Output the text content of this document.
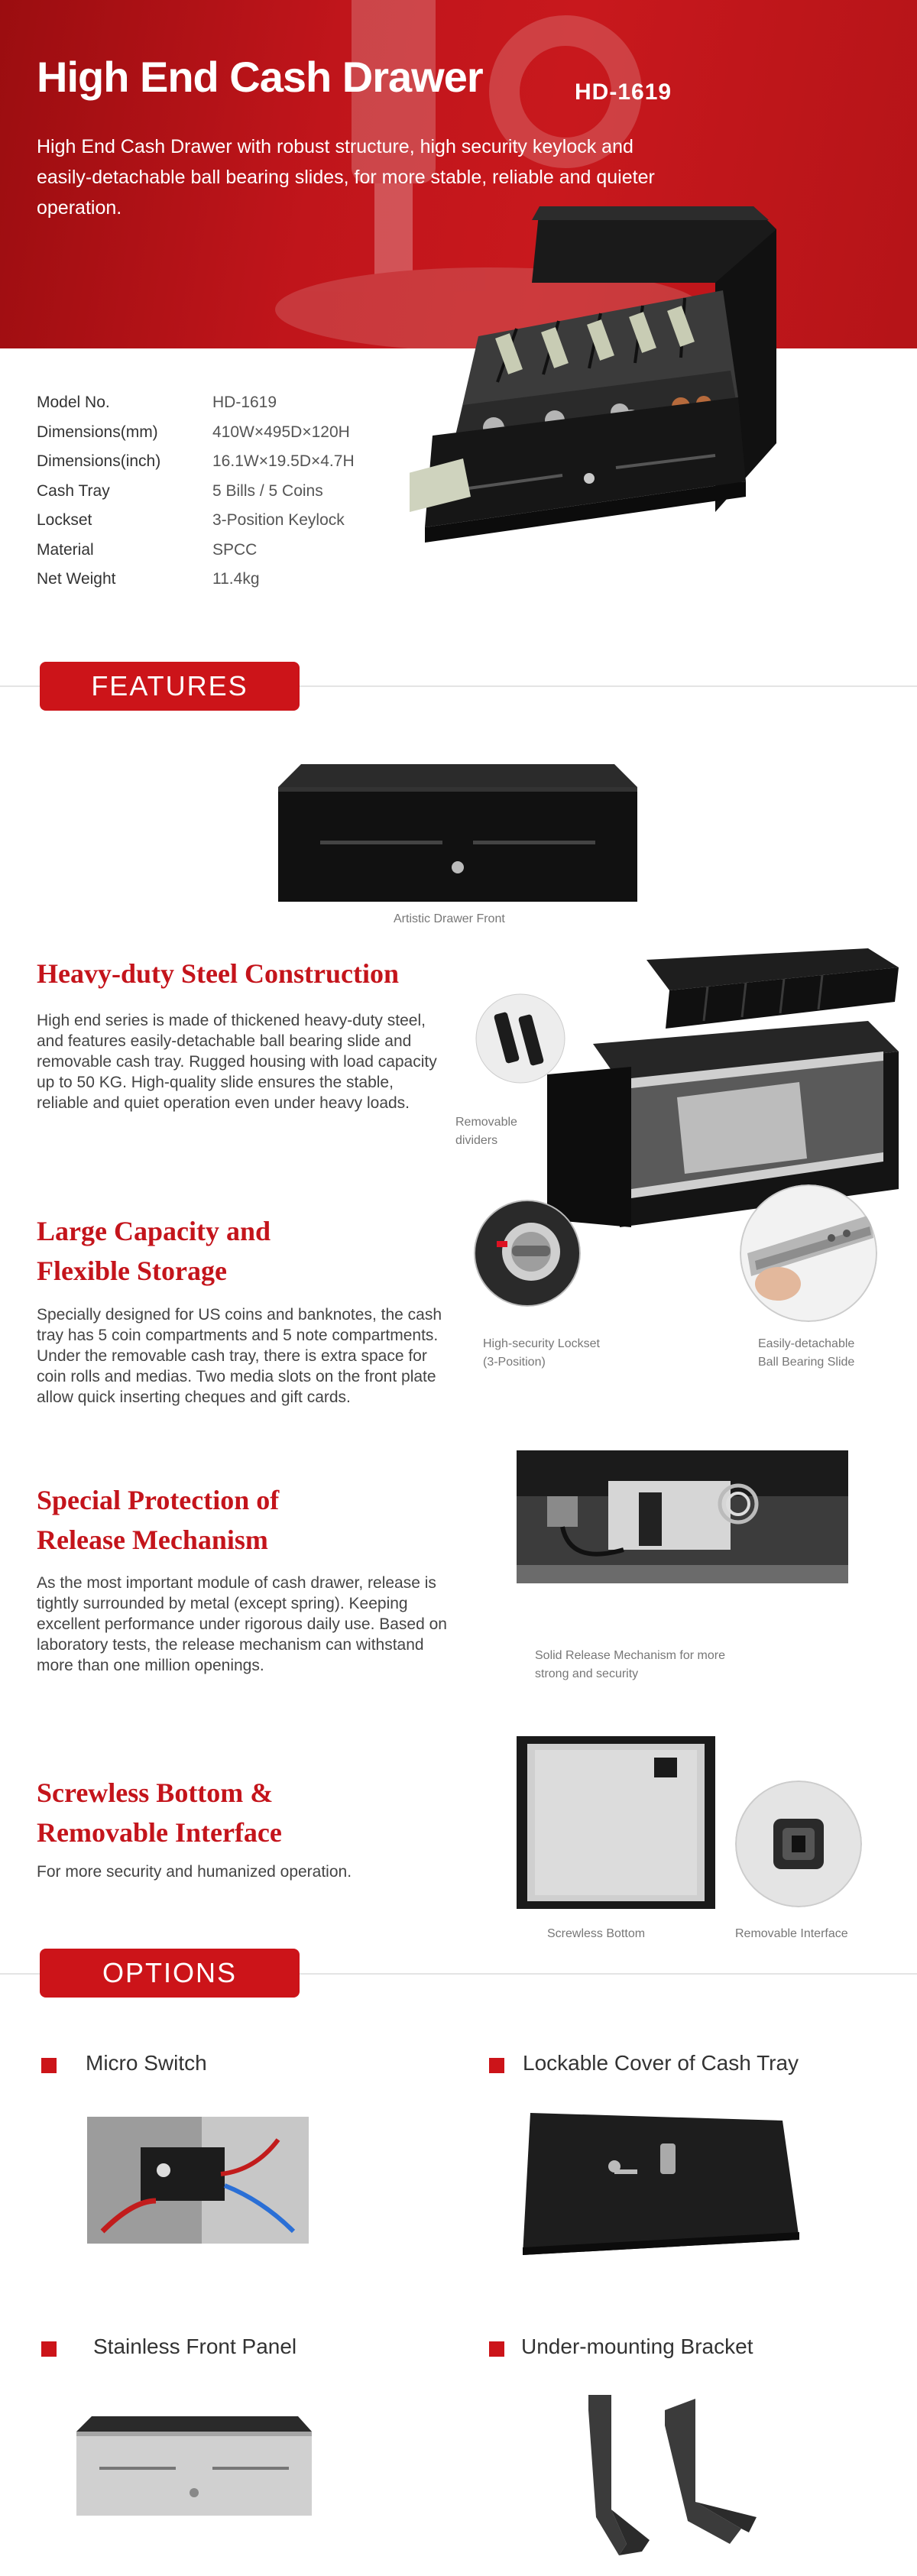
High End Cash Drawer	HD-1619
High End Cash Drawer with robust structure, high security keylock and easily-detachable ball bearing slides, for more stable, reliable and quieter operation.
Model No.	HD-1619
Dimensions(mm)	410W×495D×120H
Dimensions(inch)	16.1W×19.5D×4.7H
Cash Tray	5 Bills / 5 Coins
Lockset	3-Position Keylock
Material	SPCC
Net Weight	11.4kg
FEATURES
Artistic Drawer Front
Heavy-duty Steel Construction
High end series is made of thickened heavy-duty steel, and features easily-detachable ball bearing slide and removable cash tray. Rugged housing with load capacity up to 50 KG. High-quality slide ensures the stable, reliable and quiet operation even under heavy loads.
Removable
dividers
High-security Lockset
(3-Position)
Easily-detachable
Ball Bearing Slide
Large Capacity and
Flexible Storage
Specially designed for US coins and banknotes, the cash tray has 5 coin compartments and 5 note compartments. Under the removable cash tray, there is extra space for coin rolls and medias. Two media slots on the front plate allow quick inserting cheques and gift cards.
Special Protection of
Release Mechanism
As the most important module of cash drawer, release is tightly surrounded by metal (except spring). Keeping excellent performance under rigorous daily use. Based on laboratory tests, the release mechanism can withstand more than one million openings.
Solid Release Mechanism for more
strong and security
Screwless Bottom &
Removable Interface
For more security and humanized operation.
Screwless Bottom	Removable Interface
OPTIONS
Micro Switch	Lockable Cover of Cash Tray
Stainless Front Panel	Under-mounting Bracket
